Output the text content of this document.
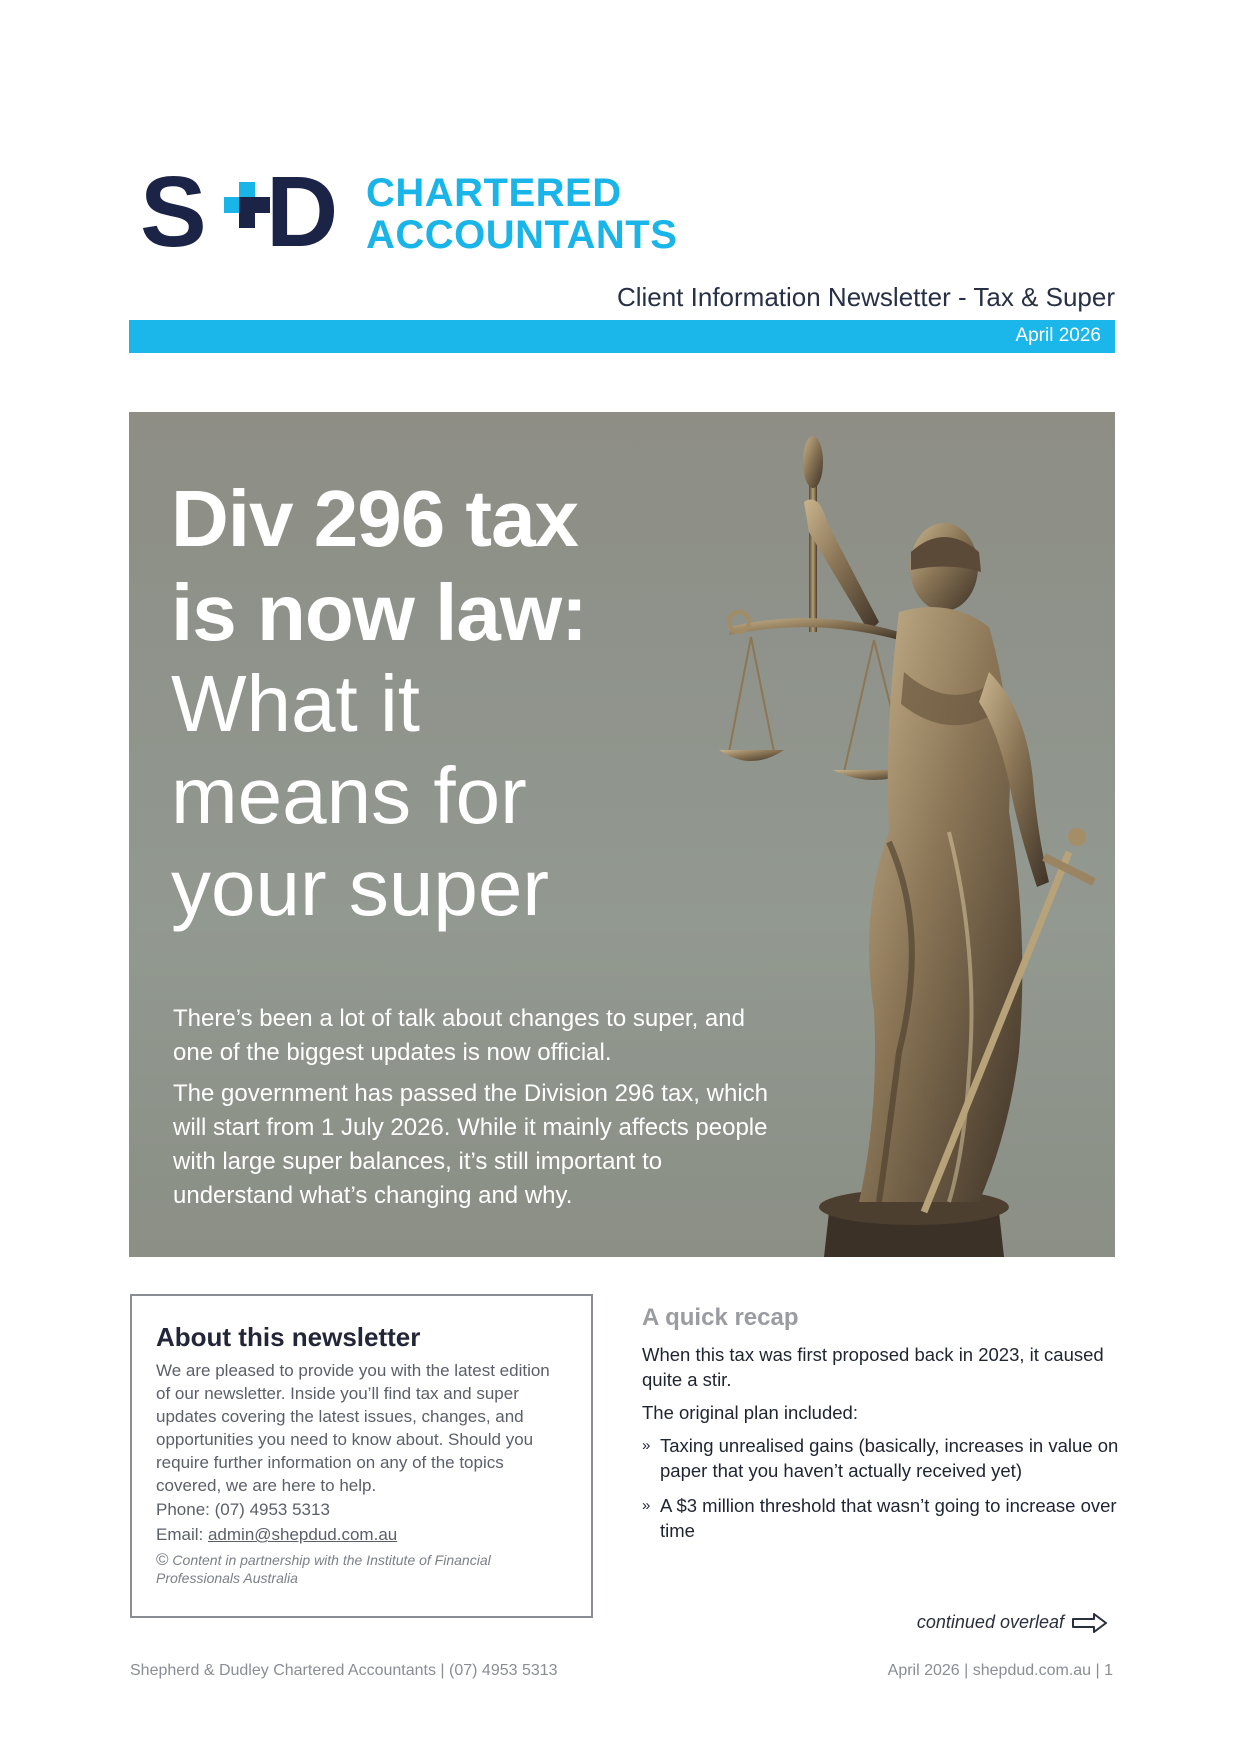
S D CHARTERED
ACCOUNTANTS
Client Information Newsletter - Tax & Super
April 2026
Div 296 tax
is now law:
What it
means for
your super

There’s been a lot of talk about changes to super, and one of the biggest updates is now official.

The government has passed the Division 296 tax, which will start from 1 July 2026. While it mainly affects people with large super balances, it’s still important to understand what’s changing and why.

About this newsletter
We are pleased to provide you with the latest edition of our newsletter. Inside you’ll find tax and super updates covering the latest issues, changes, and opportunities you need to know about. Should you require further information on any of the topics covered, we are here to help.
Phone: (07) 4953 5313
Email: admin@shepdud.com.au
© Content in partnership with the Institute of Financial Professionals Australia
A quick recap

When this tax was first proposed back in 2023, it caused quite a stir.

The original plan included:

» Taxing unrealised gains (basically, increases in value on paper that you haven’t actually received yet)
» A $3 million threshold that wasn’t going to increase over time
continued overleaf
Shepherd & Dudley Chartered Accountants | (07) 4953 5313	April 2026 | shepdud.com.au | 1
